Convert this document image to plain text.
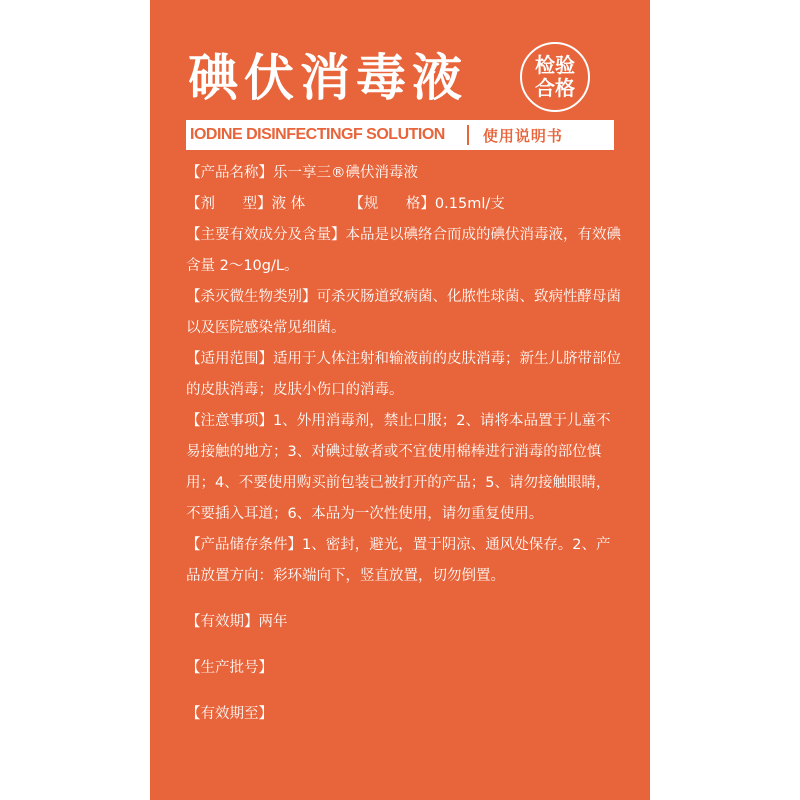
碘伏消毒液	检验
合格
IODINE DISINFECTINGF SOLUTION	使用说明书
【产品名称】乐一享三®碘伏消毒液
【剂      型】液 体	【规      格】0.15ml/支
【主要有效成分及含量】本品是以碘络合而成的碘伏消毒液，有效碘含量 2～10g/L。
【杀灭微生物类别】可杀灭肠道致病菌、化脓性球菌、致病性酵母菌以及医院感染常见细菌。
【适用范围】适用于人体注射和输液前的皮肤消毒；新生儿脐带部位的皮肤消毒；皮肤小伤口的消毒。
【注意事项】1、外用消毒剂，禁止口服；2、请将本品置于儿童不易接触的地方；3、对碘过敏者或不宜使用棉棒进行消毒的部位慎用；4、不要使用购买前包装已被打开的产品；5、请勿接触眼睛，不要插入耳道；6、本品为一次性使用，请勿重复使用。
【产品储存条件】1、密封，避光，置于阴凉、通风处保存。2、产品放置方向：彩环端向下，竖直放置，切勿倒置。
【有效期】两年
【生产批号】
【有效期至】
